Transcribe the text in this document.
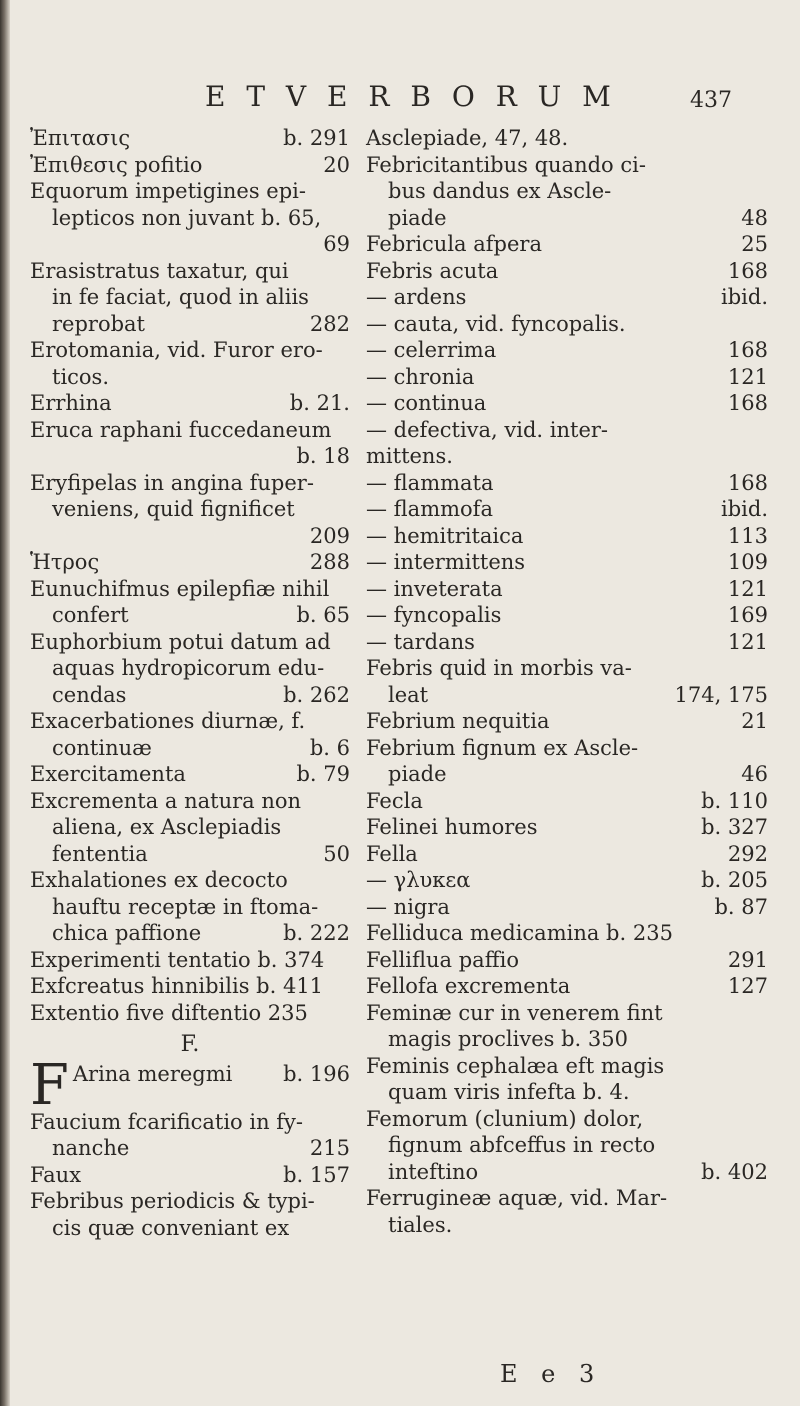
E T V E R B O R U M	437
b. 291
Ἐπιτασις
20
Ἐπιθεσις pofitio
Equorum impetigines epi-
lepticos non juvant b. 65,
69

Erasistratus taxatur, qui
in fe faciat, quod in aliis
282
reprobat
Erotomania, vid. Furor ero-
ticos.
b. 21.
Errhina
Eruca raphani fuccedaneum
b. 18

Eryfipelas in angina fuper-
veniens, quid fignificet
209

288
Ἡτρος
Eunuchifmus epilepfiæ nihil
b. 65
confert
Euphorbium potui datum ad
aquas hydropicorum edu-
b. 262
cendas
Exacerbationes diurnæ, f.
b. 6
continuæ
b. 79
Exercitamenta
Excrementa a natura non
aliena, ex Asclepiadis
50
fententia
Exhalationes ex decocto
hauftu receptæ in ftoma-
b. 222
chica paffione
Experimenti tentatio b. 374
Exfcreatus hinnibilis b. 411
Extentio five diftentio 235
F.
F	b. 196
Arina meregmi
Faucium fcarificatio in fy-
215
nanche
b. 157
Faux
Febribus periodicis & typi-
cis quæ conveniant ex
Asclepiade, 47, 48.
Febricitantibus quando ci-
bus dandus ex Ascle-
48
piade
25
Febricula afpera
168
Febris acuta
ibid.
— ardens
— cauta, vid. fyncopalis.
168
— celerrima
121
— chronia
168
— continua
— defectiva, vid. inter-
mittens.
168
— flammata
ibid.
— flammofa
113
— hemitritaica
109
— intermittens
121
— inveterata
169
— fyncopalis
121
— tardans
Febris quid in morbis va-
174, 175
leat
21
Febrium nequitia
Febrium fignum ex Ascle-
46
piade
b. 110
Fecla
b. 327
Felinei humores
292
Fella
b. 205
— γλυκεα
b. 87
— nigra
Felliduca medicamina b. 235
291
Felliflua paffio
127
Fellofa excrementa
Feminæ cur in venerem fint
magis proclives b. 350
Feminis cephalæa eft magis
quam viris infefta b. 4.
Femorum (clunium) dolor,
fignum abfceffus in recto
b. 402
inteftino
Ferrugineæ aquæ, vid. Mar-
tiales.
E e 3
